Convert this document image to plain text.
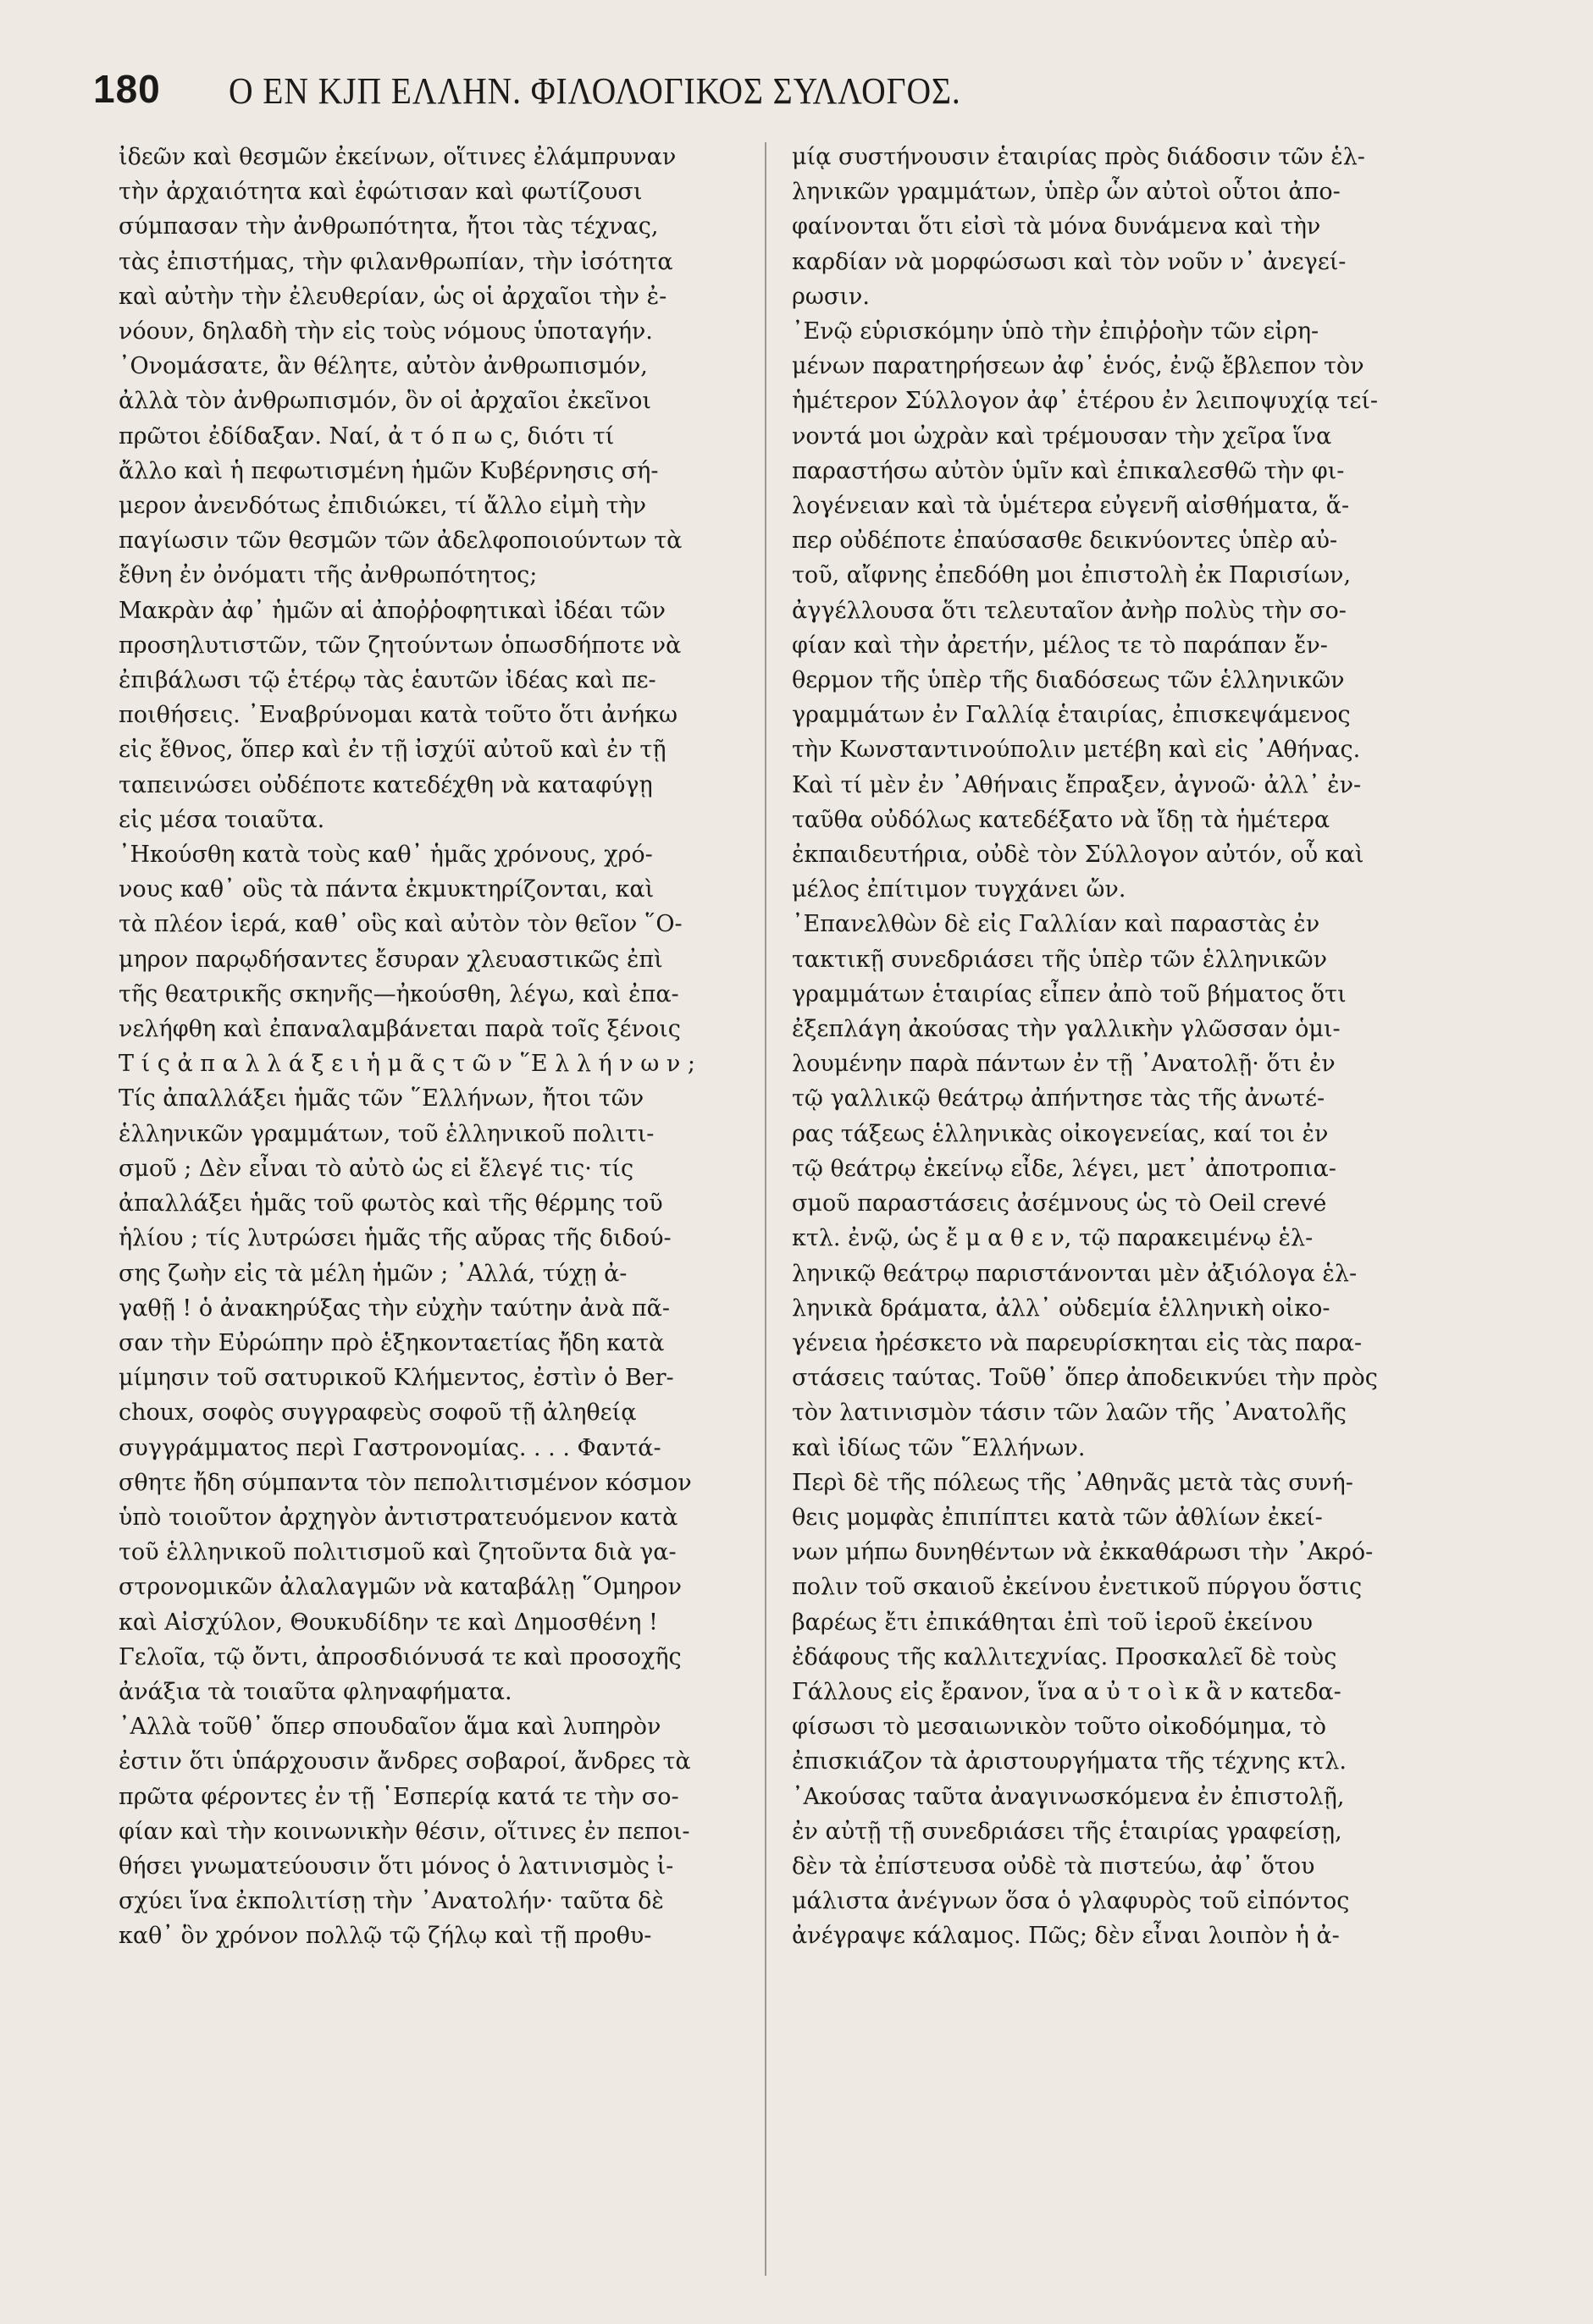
180 Ο ΕΝ ΚJΠ ΕΛΛΗΝ. ΦΙΛΟΛΟΓΙΚΟΣ ΣΥΛΛΟΓΟΣ.

ἰδεῶν καὶ θεσμῶν ἐκείνων, οἵτινες ἐλάμπρυναν

τὴν ἀρχαιότητα καὶ ἐφώτισαν καὶ φωτίζουσι

σύμπασαν τὴν ἀνθρωπότητα, ἤτοι τὰς τέχνας,

τὰς ἐπιστήμας, τὴν φιλανθρωπίαν, τὴν ἰσότητα

καὶ αὐτὴν τὴν ἐλευθερίαν, ὡς οἱ ἀρχαῖοι τὴν ἐ-

νόουν, δηλαδὴ τὴν εἰς τοὺς νόμους ὑποταγήν.

᾿Ονομάσατε, ἂν θέλητε, αὐτὸν ἀνθρωπισμόν,

ἀλλὰ τὸν ἀνθρωπισμόν, ὃν οἱ ἀρχαῖοι ἐκεῖνοι

πρῶτοι ἐδίδαξαν. Ναί, ἀ τ ό π ω ς, διότι τί

ἄλλο καὶ ἡ πεφωτισμένη ἡμῶν Κυβέρνησις σή-

μερον ἀνενδότως ἐπιδιώκει, τί ἄλλο εἰμὴ τὴν

παγίωσιν τῶν θεσμῶν τῶν ἀδελφοποιούντων τὰ

ἔθνη ἐν ὀνόματι τῆς ἀνθρωπότητος;

Μακρὰν ἀφ᾿ ἡμῶν αἱ ἀποῤῥοφητικαὶ ἰδέαι τῶν

προσηλυτιστῶν, τῶν ζητούντων ὁπωσδήποτε νὰ

ἐπιβάλωσι τῷ ἑτέρῳ τὰς ἑαυτῶν ἰδέας καὶ πε-

ποιθήσεις. ᾿Εναβρύνομαι κατὰ τοῦτο ὅτι ἀνήκω

εἰς ἔθνος, ὅπερ καὶ ἐν τῇ ἰσχύϊ αὐτοῦ καὶ ἐν τῇ

ταπεινώσει οὐδέποτε κατεδέχθη νὰ καταφύγῃ

εἰς μέσα τοιαῦτα.

᾿Ηκούσθη κατὰ τοὺς καθ᾿ ἡμᾶς χρόνους, χρό-

νους καθ᾿ οὓς τὰ πάντα ἐκμυκτηρίζονται, καὶ

τὰ πλέον ἱερά, καθ᾿ οὓς καὶ αὐτὸν τὸν θεῖον ῞Ο-

μηρον παρῳδήσαντες ἔσυραν χλευαστικῶς ἐπὶ

τῆς θεατρικῆς σκηνῆς—ἠκούσθη, λέγω, καὶ ἐπα-

νελήφθη καὶ ἐπαναλαμβάνεται παρὰ τοῖς ξένοις

Τ ί ς ἀ π α λ λ ά ξ ε ι ἡ μ ᾶ ς τ ῶ ν ῞Ε λ λ ή ν ω ν ;

Τίς ἀπαλλάξει ἡμᾶς τῶν ῞Ελλήνων, ἤτοι τῶν

ἑλληνικῶν γραμμάτων, τοῦ ἑλληνικοῦ πολιτι-

σμοῦ ; Δὲν εἶναι τὸ αὐτὸ ὡς εἰ ἔλεγέ τις· τίς

ἀπαλλάξει ἡμᾶς τοῦ φωτὸς καὶ τῆς θέρμης τοῦ

ἡλίου ; τίς λυτρώσει ἡμᾶς τῆς αὔρας τῆς διδού-

σης ζωὴν εἰς τὰ μέλη ἡμῶν ; ᾿Αλλά, τύχῃ ἀ-

γαθῇ ! ὁ ἀνακηρύξας τὴν εὐχὴν ταύτην ἀνὰ πᾶ-

σαν τὴν Εὐρώπην πρὸ ἑξηκονταετίας ἤδη κατὰ

μίμησιν τοῦ σατυρικοῦ Κλήμεντος, ἐστὶν ὁ Ber-

choux, σοφὸς συγγραφεὺς σοφοῦ τῇ ἀληθείᾳ

συγγράμματος περὶ Γαστρονομίας. . . . Φαντά-

σθητε ἤδη σύμπαντα τὸν πεπολιτισμένον κόσμον

ὑπὸ τοιοῦτον ἀρχηγὸν ἀντιστρατευόμενον κατὰ

τοῦ ἑλληνικοῦ πολιτισμοῦ καὶ ζητοῦντα διὰ γα-

στρονομικῶν ἀλαλαγμῶν νὰ καταβάλῃ ῞Ομηρον

καὶ Αἰσχύλον, Θουκυδίδην τε καὶ Δημοσθένη !

Γελοῖα, τῷ ὄντι, ἀπροσδιόνυσά τε καὶ προσοχῆς

ἀνάξια τὰ τοιαῦτα φληναφήματα.

᾿Αλλὰ τοῦθ᾿ ὅπερ σπουδαῖον ἅμα καὶ λυπηρὸν

ἐστιν ὅτι ὑπάρχουσιν ἄνδρες σοβαροί, ἄνδρες τὰ

πρῶτα φέροντες ἐν τῇ ῾Εσπερίᾳ κατά τε τὴν σο-

φίαν καὶ τὴν κοινωνικὴν θέσιν, οἵτινες ἐν πεποι-

θήσει γνωματεύουσιν ὅτι μόνος ὁ λατινισμὸς ἰ-

σχύει ἵνα ἐκπολιτίσῃ τὴν ᾿Ανατολήν· ταῦτα δὲ

καθ᾿ ὃν χρόνον πολλῷ τῷ ζήλῳ καὶ τῇ προθυ-

μίᾳ συστήνουσιν ἑταιρίας πρὸς διάδοσιν τῶν ἑλ-

ληνικῶν γραμμάτων, ὑπὲρ ὧν αὐτοὶ οὗτοι ἀπο-

φαίνονται ὅτι εἰσὶ τὰ μόνα δυνάμενα καὶ τὴν

καρδίαν νὰ μορφώσωσι καὶ τὸν νοῦν ν᾿ ἀνεγεί-

ρωσιν.

᾿Ενῷ εὑρισκόμην ὑπὸ τὴν ἐπιῤῥοὴν τῶν εἰρη-

μένων παρατηρήσεων ἀφ᾿ ἑνός, ἐνῷ ἔβλεπον τὸν

ἡμέτερον Σύλλογον ἀφ᾿ ἑτέρου ἐν λειποψυχίᾳ τεί-

νοντά μοι ὠχρὰν καὶ τρέμουσαν τὴν χεῖρα ἵνα

παραστήσω αὐτὸν ὑμῖν καὶ ἐπικαλεσθῶ τὴν φι-

λογένειαν καὶ τὰ ὑμέτερα εὐγενῆ αἰσθήματα, ἅ-

περ οὐδέποτε ἐπαύσασθε δεικνύοντες ὑπὲρ αὐ-

τοῦ, αἴφνης ἐπεδόθη μοι ἐπιστολὴ ἐκ Παρισίων,

ἀγγέλλουσα ὅτι τελευταῖον ἀνὴρ πολὺς τὴν σο-

φίαν καὶ τὴν ἀρετήν, μέλος τε τὸ παράπαν ἔν-

θερμον τῆς ὑπὲρ τῆς διαδόσεως τῶν ἑλληνικῶν

γραμμάτων ἐν Γαλλίᾳ ἑταιρίας, ἐπισκεψάμενος

τὴν Κωνσταντινούπολιν μετέβη καὶ εἰς ᾿Αθήνας.

Καὶ τί μὲν ἐν ᾿Αθήναις ἔπραξεν, ἀγνοῶ· ἀλλ᾿ ἐν-

ταῦθα οὐδόλως κατεδέξατο νὰ ἴδῃ τὰ ἡμέτερα

ἐκπαιδευτήρια, οὐδὲ τὸν Σύλλογον αὐτόν, οὗ καὶ

μέλος ἐπίτιμον τυγχάνει ὤν.

᾿Επανελθὼν δὲ εἰς Γαλλίαν καὶ παραστὰς ἐν

τακτικῇ συνεδριάσει τῆς ὑπὲρ τῶν ἑλληνικῶν

γραμμάτων ἑταιρίας εἶπεν ἀπὸ τοῦ βήματος ὅτι

ἐξεπλάγη ἀκούσας τὴν γαλλικὴν γλῶσσαν ὁμι-

λουμένην παρὰ πάντων ἐν τῇ ᾿Ανατολῇ· ὅτι ἐν

τῷ γαλλικῷ θεάτρῳ ἀπήντησε τὰς τῆς ἀνωτέ-

ρας τάξεως ἑλληνικὰς οἰκογενείας, καί τοι ἐν

τῷ θεάτρῳ ἐκείνῳ εἶδε, λέγει, μετ᾿ ἀποτροπια-

σμοῦ παραστάσεις ἀσέμνους ὡς τὸ Oeil crevé

κτλ. ἐνῷ, ὡς ἔ μ α θ ε ν, τῷ παρακειμένῳ ἑλ-

ληνικῷ θεάτρῳ παριστάνονται μὲν ἀξιόλογα ἑλ-

ληνικὰ δράματα, ἀλλ᾿ οὐδεμία ἑλληνικὴ οἰκο-

γένεια ἠρέσκετο νὰ παρευρίσκηται εἰς τὰς παρα-

στάσεις ταύτας. Τοῦθ᾿ ὅπερ ἀποδεικνύει τὴν πρὸς

τὸν λατινισμὸν τάσιν τῶν λαῶν τῆς ᾿Ανατολῆς

καὶ ἰδίως τῶν ῞Ελλήνων.

Περὶ δὲ τῆς πόλεως τῆς ᾿Αθηνᾶς μετὰ τὰς συνή-

θεις μομφὰς ἐπιπίπτει κατὰ τῶν ἀθλίων ἐκεί-

νων μήπω δυνηθέντων νὰ ἐκκαθάρωσι τὴν ᾿Ακρό-

πολιν τοῦ σκαιοῦ ἐκείνου ἐνετικοῦ πύργου ὅστις

βαρέως ἔτι ἐπικάθηται ἐπὶ τοῦ ἱεροῦ ἐκείνου

ἐδάφους τῆς καλλιτεχνίας. Προσκαλεῖ δὲ τοὺς

Γάλλους εἰς ἔρανον, ἵνα α ὐ τ ο ὶ κ ἂ ν κατεδα-

φίσωσι τὸ μεσαιωνικὸν τοῦτο οἰκοδόμημα, τὸ

ἐπισκιάζον τὰ ἀριστουργήματα τῆς τέχνης κτλ.

᾿Ακούσας ταῦτα ἀναγινωσκόμενα ἐν ἐπιστολῇ,

ἐν αὐτῇ τῇ συνεδριάσει τῆς ἑταιρίας γραφείσῃ,

δὲν τὰ ἐπίστευσα οὐδὲ τὰ πιστεύω, ἀφ᾿ ὅτου

μάλιστα ἀνέγνων ὅσα ὁ γλαφυρὸς τοῦ εἰπόντος

ἀνέγραψε κάλαμος. Πῶς; δὲν εἶναι λοιπὸν ἡ ἀ-
